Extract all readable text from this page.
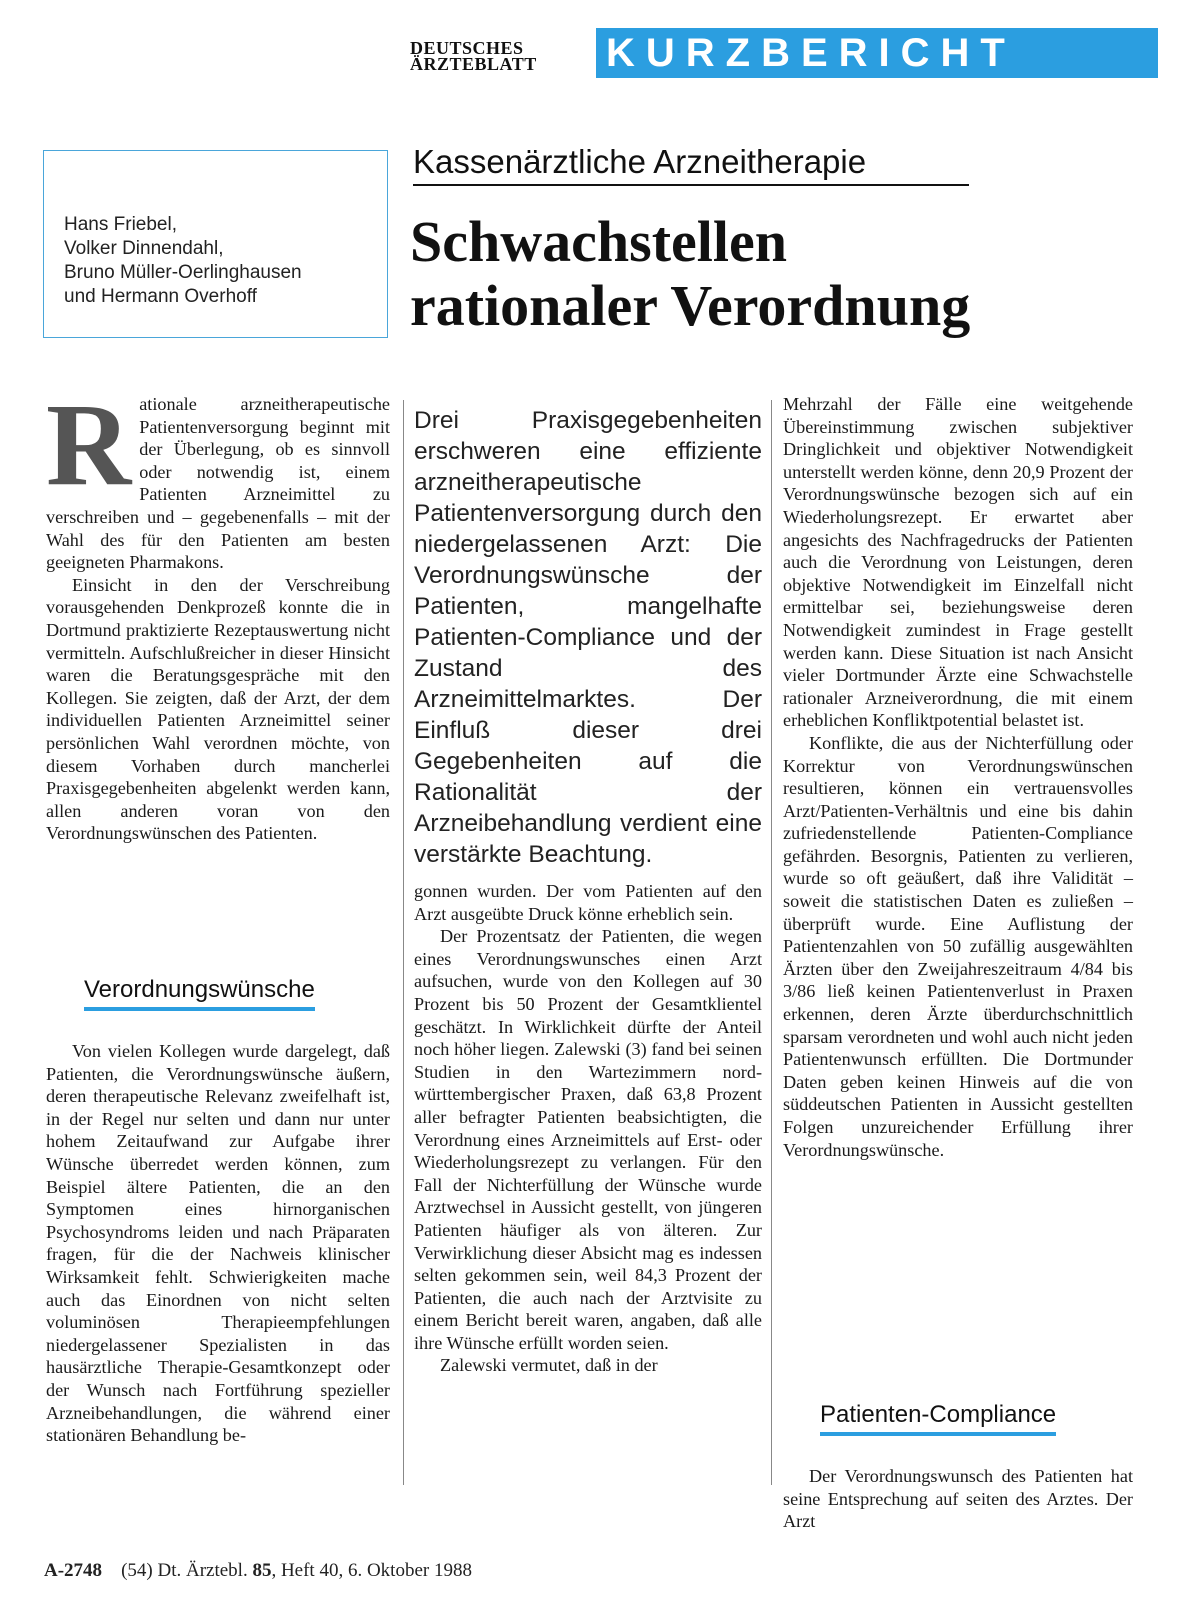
DEUTSCHES
ÄRZTEBLATT	KURZBERICHT
Hans Friebel,
Volker Dinnendahl,
Bruno Müller-Oerlinghausen
und Hermann Overhoff
Kassenärztliche Arzneitherapie
Schwachstellen
rationaler Verordnung
R ationale arzneitherapeutische Patientenversorgung beginnt mit der Überlegung, ob es sinnvoll oder notwendig ist, einem Patienten Arzneimittel zu verschreiben und – gegebenenfalls – mit der Wahl des für den Patienten am besten geeigneten Pharmakons.

Einsicht in den der Verschreibung vorausgehenden Denkprozeß konnte die in Dortmund praktizierte Rezeptauswertung nicht vermitteln. Aufschlußreicher in dieser Hinsicht waren die Beratungsgespräche mit den Kollegen. Sie zeigten, daß der Arzt, der dem individuellen Patienten Arzneimittel seiner persönlichen Wahl verordnen möchte, von diesem Vorhaben durch mancherlei Praxisgegebenheiten abgelenkt werden kann, allen anderen voran von den Verordnungswünschen des Patienten.

Verordnungswünsche

Von vielen Kollegen wurde dargelegt, daß Patienten, die Verordnungswünsche äußern, deren therapeutische Relevanz zweifelhaft ist, in der Regel nur selten und dann nur unter hohem Zeitaufwand zur Aufgabe ihrer Wünsche überredet werden können, zum Beispiel ältere Patienten, die an den Symptomen eines hirnorganischen Psychosyndroms leiden und nach Präparaten fragen, für die der Nachweis klinischer Wirksamkeit fehlt. Schwierigkeiten mache auch das Einordnen von nicht selten voluminösen Therapieempfehlungen niedergelassener Spezialisten in das hausärztliche Therapie-Gesamtkonzept oder der Wunsch nach Fortführung spezieller Arzneibehandlungen, die während einer stationären Behandlung be-

Drei Praxisgegebenheiten erschweren eine effiziente arzneitherapeutische Patientenversorgung durch den niedergelassenen Arzt: Die Verordnungswünsche der Patienten, mangelhafte Patienten-Compliance und der Zustand des Arzneimittelmarktes. Der Einfluß dieser drei Gegebenheiten auf die Rationalität der Arzneibehandlung verdient eine verstärkte Beachtung.

gonnen wurden. Der vom Patienten auf den Arzt ausgeübte Druck könne erheblich sein.

Der Prozentsatz der Patienten, die wegen eines Verordnungswunsches einen Arzt aufsuchen, wurde von den Kollegen auf 30 Prozent bis 50 Prozent der Gesamtklientel geschätzt. In Wirklichkeit dürfte der Anteil noch höher liegen. Zalewski (3) fand bei seinen Studien in den Wartezimmern nord-württembergischer Praxen, daß 63,8 Prozent aller befragter Patienten beabsichtigten, die Verordnung eines Arzneimittels auf Erst- oder Wiederholungsrezept zu verlangen. Für den Fall der Nichterfüllung der Wünsche wurde Arztwechsel in Aussicht gestellt, von jüngeren Patienten häufiger als von älteren. Zur Verwirklichung dieser Absicht mag es indessen selten gekommen sein, weil 84,3 Prozent der Patienten, die auch nach der Arztvisite zu einem Bericht bereit waren, angaben, daß alle ihre Wünsche erfüllt worden seien.

Zalewski vermutet, daß in der

Mehrzahl der Fälle eine weitgehende Übereinstimmung zwischen subjektiver Dringlichkeit und objektiver Notwendigkeit unterstellt werden könne, denn 20,9 Prozent der Verordnungswünsche bezogen sich auf ein Wiederholungsrezept. Er erwartet aber angesichts des Nachfragedrucks der Patienten auch die Verordnung von Leistungen, deren objektive Notwendigkeit im Einzelfall nicht ermittelbar sei, beziehungsweise deren Notwendigkeit zumindest in Frage gestellt werden kann. Diese Situation ist nach Ansicht vieler Dortmunder Ärzte eine Schwachstelle rationaler Arzneiverordnung, die mit einem erheblichen Konfliktpotential belastet ist.

Konflikte, die aus der Nichterfüllung oder Korrektur von Verordnungswünschen resultieren, können ein vertrauensvolles Arzt/Patienten-Verhältnis und eine bis dahin zufriedenstellende Patienten-Compliance gefährden. Besorgnis, Patienten zu verlieren, wurde so oft geäußert, daß ihre Validität – soweit die statistischen Daten es zuließen – überprüft wurde. Eine Auflistung der Patientenzahlen von 50 zufällig ausgewählten Ärzten über den Zweijahreszeitraum 4/84 bis 3/86 ließ keinen Patientenverlust in Praxen erkennen, deren Ärzte überdurchschnittlich sparsam verordneten und wohl auch nicht jeden Patientenwunsch erfüllten. Die Dortmunder Daten geben keinen Hinweis auf die von süddeutschen Patienten in Aussicht gestellten Folgen unzureichender Erfüllung ihrer Verordnungswünsche.

Patienten-Compliance

Der Verordnungswunsch des Patienten hat seine Entsprechung auf seiten des Arztes. Der Arzt

A-2748 (54) Dt. Ärztebl. 85, Heft 40, 6. Oktober 1988
